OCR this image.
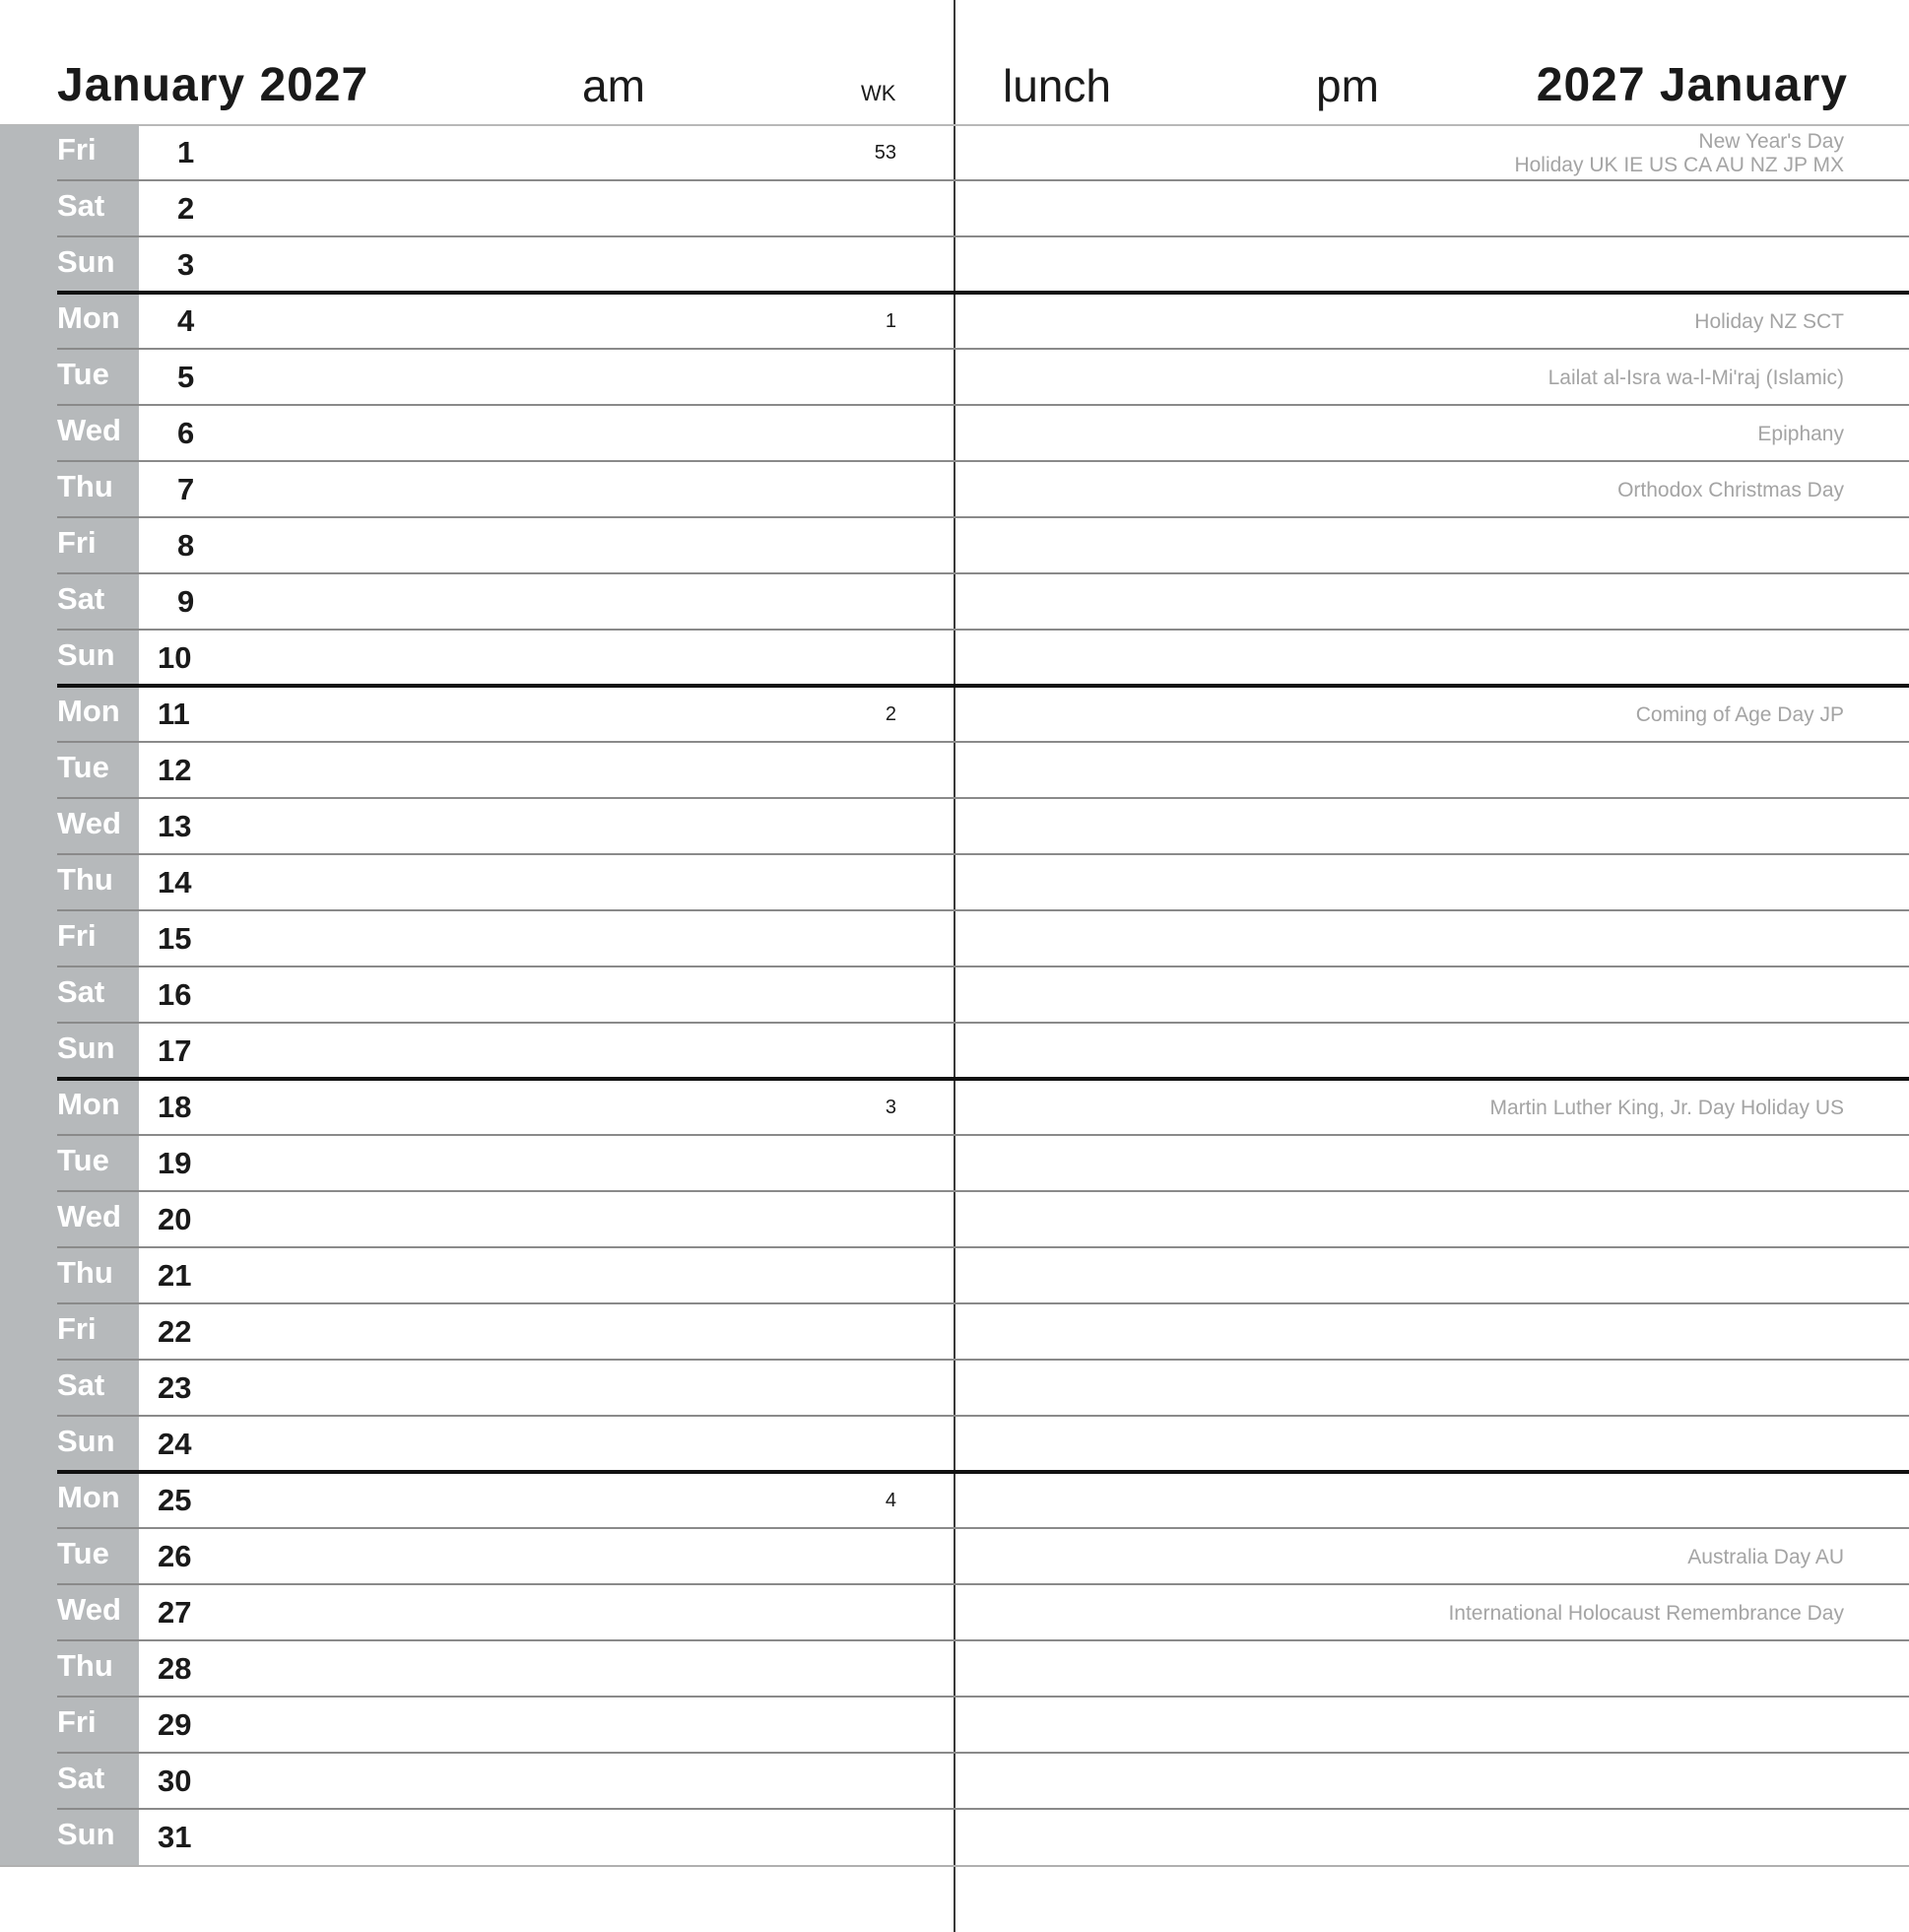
January 2027	am	WK lunch	pm	2027 January
Fri	1	53
New Year's Day
Holiday UK IE US CA AU NZ JP MX
Sat 2
Sun 3
Mon 4	1	Holiday NZ SCT
Tue 5	Lailat al-Isra wa-l-Mi'raj (Islamic)
Wed 6	Epiphany
Thu 7	Orthodox Christmas Day
Fri	8
Sat 9
Sun 10
Mon 11	2	Coming of Age Day JP
Tue 12
Wed 13
Thu 14
Fri 15
Sat 16
Sun 17
Mon 18	3	Martin Luther King, Jr. Day Holiday US
Tue 19
Wed 20
Thu 21
Fri 22
Sat 23
Sun 24
Mon 25	4
Tue 26	Australia Day AU
Wed 27	International Holocaust Remembrance Day
Thu 28
Fri 29
Sat 30
Sun 31
